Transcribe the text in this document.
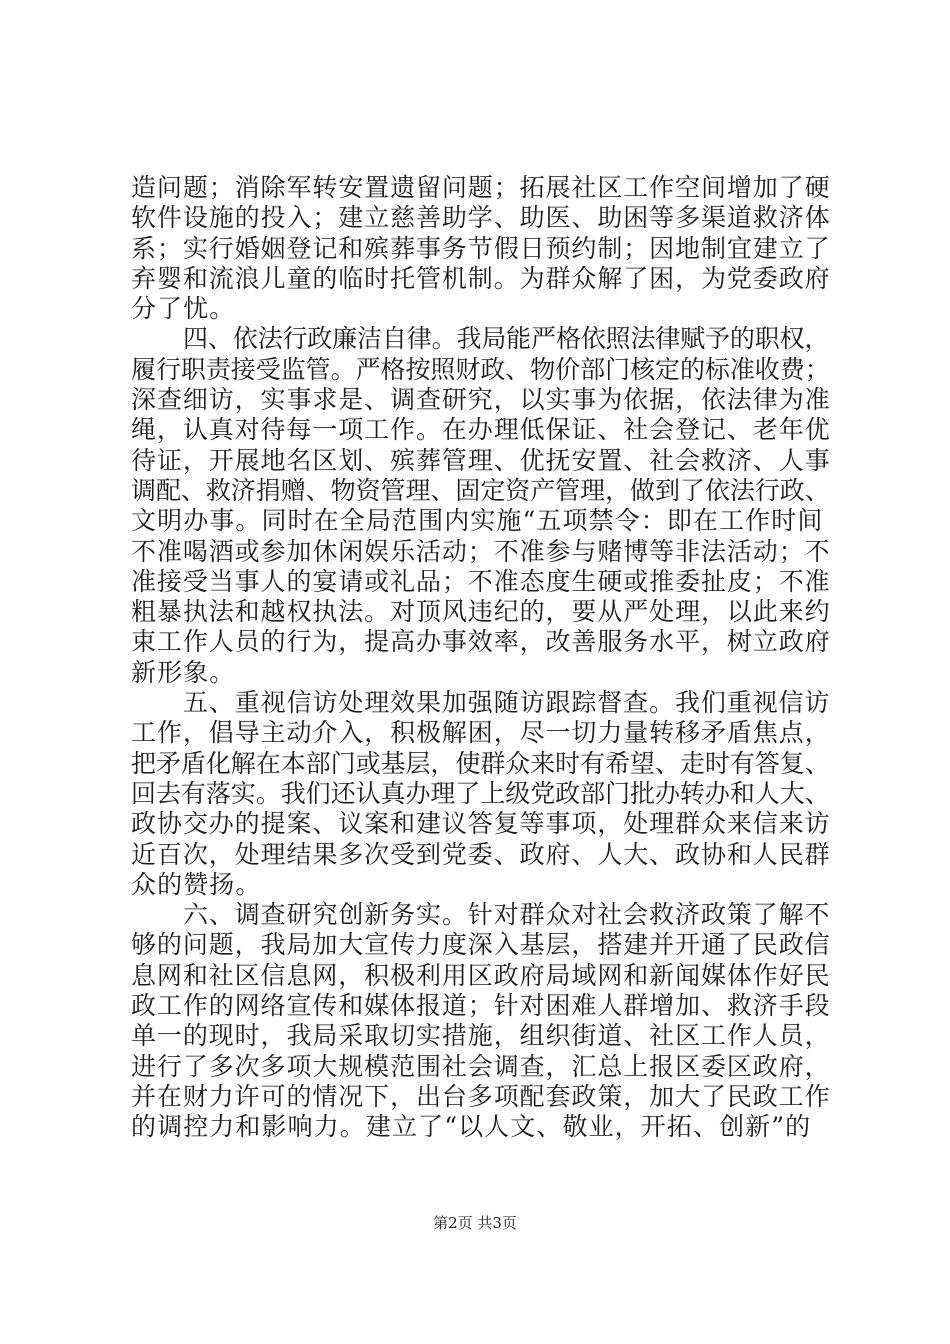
造问题；消除军转安置遗留问题；拓展社区工作空间增加了硬
软件设施的投入；建立慈善助学、助医、助困等多渠道救济体
系；实行婚姻登记和殡葬事务节假日预约制；因地制宜建立了
弃婴和流浪儿童的临时托管机制。为群众解了困，为党委政府
分了忧。
四、依法行政廉洁自律。我局能严格依照法律赋予的职权，
履行职责接受监管。严格按照财政、物价部门核定的标准收费；
深查细访，实事求是、调查研究，以实事为依据，依法律为准
绳，认真对待每一项工作。在办理低保证、社会登记、老年优
待证，开展地名区划、殡葬管理、优抚安置、社会救济、人事
调配、救济捐赠、物资管理、固定资产管理，做到了依法行政、
文明办事。同时在全局范围内实施“五项禁令：即在工作时间
不准喝酒或参加休闲娱乐活动；不准参与赌博等非法活动；不
准接受当事人的宴请或礼品；不准态度生硬或推委扯皮；不准
粗暴执法和越权执法。对顶风违纪的，要从严处理，以此来约
束工作人员的行为，提高办事效率，改善服务水平，树立政府
新形象。
五、重视信访处理效果加强随访跟踪督查。我们重视信访
工作，倡导主动介入，积极解困，尽一切力量转移矛盾焦点，
把矛盾化解在本部门或基层，使群众来时有希望、走时有答复、
回去有落实。我们还认真办理了上级党政部门批办转办和人大、
政协交办的提案、议案和建议答复等事项，处理群众来信来访
近百次，处理结果多次受到党委、政府、人大、政协和人民群
众的赞扬。
六、调查研究创新务实。针对群众对社会救济政策了解不
够的问题，我局加大宣传力度深入基层，搭建并开通了民政信
息网和社区信息网，积极利用区政府局域网和新闻媒体作好民
政工作的网络宣传和媒体报道；针对困难人群增加、救济手段
单一的现时，我局采取切实措施，组织街道、社区工作人员，
进行了多次多项大规模范围社会调查，汇总上报区委区政府，
并在财力许可的情况下，出台多项配套政策，加大了民政工作
的调控力和影响力。建立了“以人文、敬业，开拓、创新”的
第2页 共3页
